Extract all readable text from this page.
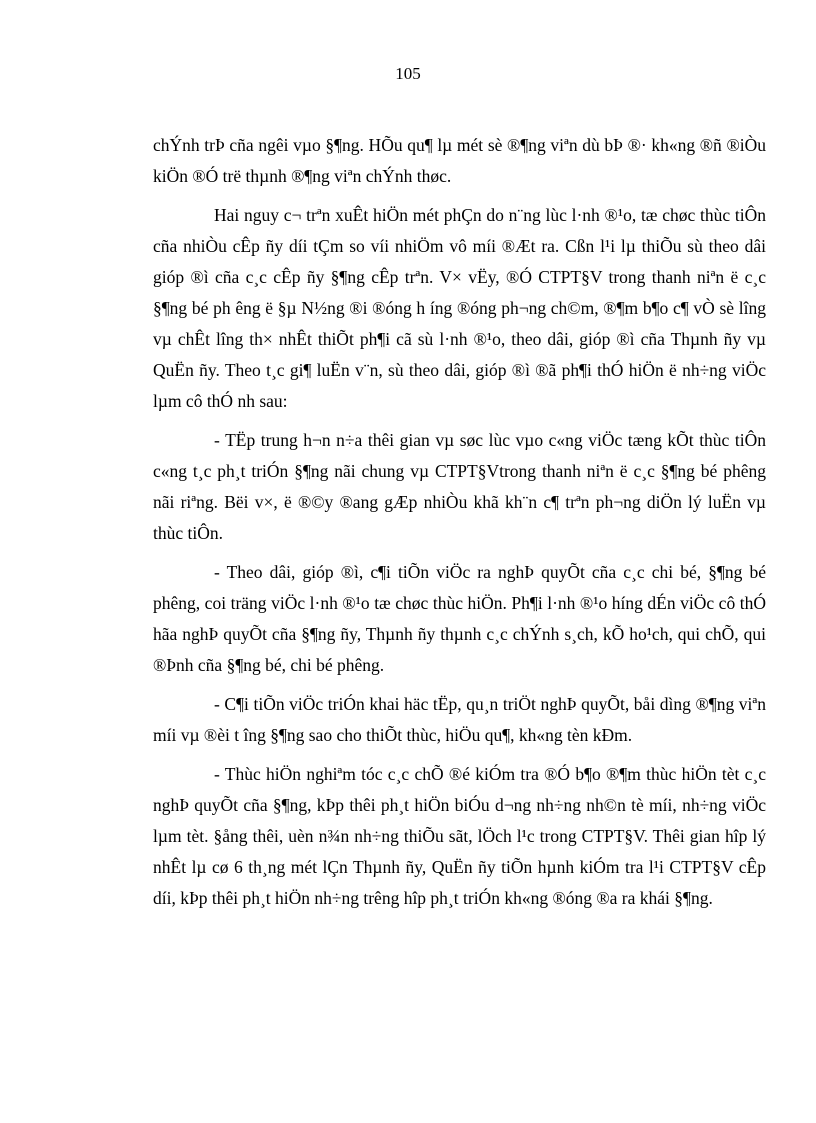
105

chÝnh trÞ cña ngêi vµo §¶ng. HÕu qu¶ lµ mét sè ®¶ng viªn dù bÞ ®· kh«ng ®ñ ®iÒu kiÖn ®Ó trë thµnh ®¶ng viªn chÝnh thøc.

Hai nguy c¬ trªn xuÊt hiÖn mét phÇn do n¨ng lùc l·nh ®¹o, tæ chøc thùc tiÔn cña nhiÒu cÊp ñy díi tÇm so víi nhiÖm vô míi ®Æt ra. Cßn l¹i lµ thiÕu sù theo dâi gióp ®ì cña c¸c cÊp ñy §¶ng cÊp trªn. V× vËy, ®Ó CTPT§V trong thanh niªn ë c¸c §¶ng bé ph êng ë §µ N½ng ®i ®óng h íng ®óng ph¬ng ch©m, ®¶m b¶o c¶ vÒ sè lîng vµ chÊt lîng th× nhÊt thiÕt ph¶i cã sù l·nh ®¹o, theo dâi, gióp ®ì cña Thµnh ñy vµ QuËn ñy. Theo t¸c gi¶ luËn v¨n, sù theo dâi, gióp ®ì ®ã ph¶i thÓ hiÖn ë nh÷ng viÖc lµm cô thÓ nh sau:

- TËp trung h¬n n÷a thêi gian vµ søc lùc vµo c«ng viÖc tæng kÕt thùc tiÔn c«ng t¸c ph¸t triÓn §¶ng nãi chung vµ CTPT§Vtrong thanh niªn ë c¸c §¶ng bé phêng nãi riªng. Bëi v×, ë ®©y ®ang gÆp nhiÒu khã kh¨n c¶ trªn ph¬ng diÖn lý luËn vµ thùc tiÔn.

- Theo dâi, gióp ®ì, c¶i tiÕn viÖc ra nghÞ quyÕt cña c¸c chi bé, §¶ng bé phêng, coi träng viÖc l·nh ®¹o tæ chøc thùc hiÖn. Ph¶i l·nh ®¹o híng dÉn viÖc cô thÓ hãa nghÞ quyÕt cña §¶ng ñy, Thµnh ñy thµnh c¸c chÝnh s¸ch, kÕ ho¹ch, qui chÕ, qui ®Þnh cña §¶ng bé, chi bé phêng.

- C¶i tiÕn viÖc triÓn khai häc tËp, qu¸n triÖt nghÞ quyÕt, båi dìng ®¶ng viªn míi vµ ®èi t îng §¶ng sao cho thiÕt thùc, hiÖu qu¶, kh«ng tèn kÐm.

- Thùc hiÖn nghiªm tóc c¸c chÕ ®é kiÓm tra ®Ó b¶o ®¶m thùc hiÖn tèt c¸c nghÞ quyÕt cña §¶ng, kÞp thêi ph¸t hiÖn biÓu d¬ng nh÷ng nh©n tè míi, nh÷ng viÖc lµm tèt. §ång thêi, uèn n¾n nh÷ng thiÕu sãt, lÖch l¹c trong CTPT§V. Thêi gian hîp lý nhÊt lµ cø 6 th¸ng mét lÇn Thµnh ñy, QuËn ñy tiÕn hµnh kiÓm tra l¹i CTPT§V cÊp díi, kÞp thêi ph¸t hiÖn nh÷ng trêng hîp ph¸t triÓn kh«ng ®óng ®a ra khái §¶ng.
